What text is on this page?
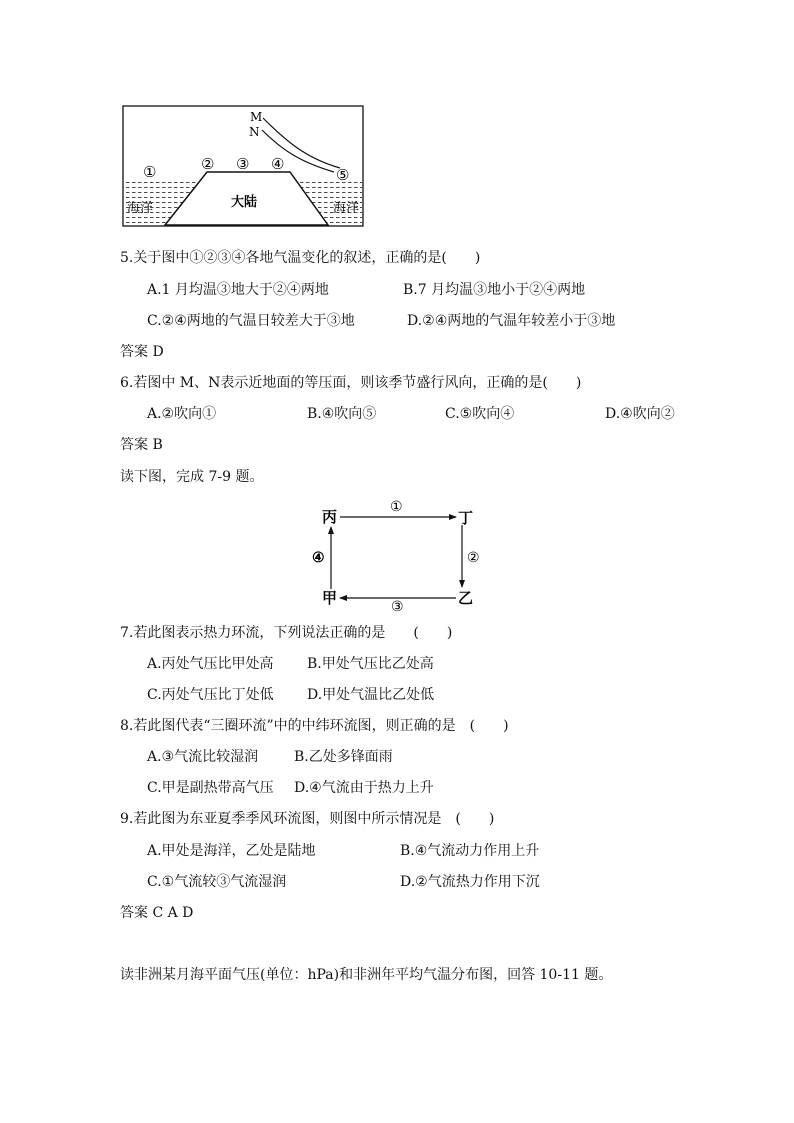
M
N
①	② ③ ④
⑤
大陆
海洋	海洋
5.关于图中①②③④各地气温变化的叙述，正确的是(　　)
A.1 月均温③地大于②④两地	B.7 月均温③地小于②④两地
C.②④两地的气温日较差大于③地	D.②④两地的气温年较差小于③地
答案 D
6.若图中 M、N表示近地面的等压面，则该季节盛行风向，正确的是(　　)
A.②吹向①	B.④吹向⑤	C.⑤吹向④	D.④吹向②
答案 B
读下图，完成 7-9 题。
丙	丁
甲	乙
①
②
③
④
7.若此图表示热力环流，下列说法正确的是　　(　　)
A.丙处气压比甲处高 B.甲处气压比乙处高
C.丙处气压比丁处低 D.甲处气温比乙处低
8.若此图代表“三圈环流”中的中纬环流图，则正确的是　(　　)
A.③气流比较湿润	B.乙处多锋面雨
C.甲是副热带高气压 D.④气流由于热力上升
9.若此图为东亚夏季季风环流图，则图中所示情况是　(　　)
A.甲处是海洋，乙处是陆地	B.④气流动力作用上升
C.①气流较③气流湿润	D.②气流热力作用下沉
答案 C A D
读非洲某月海平面气压(单位：hPa)和非洲年平均气温分布图，回答 10-11 题。
